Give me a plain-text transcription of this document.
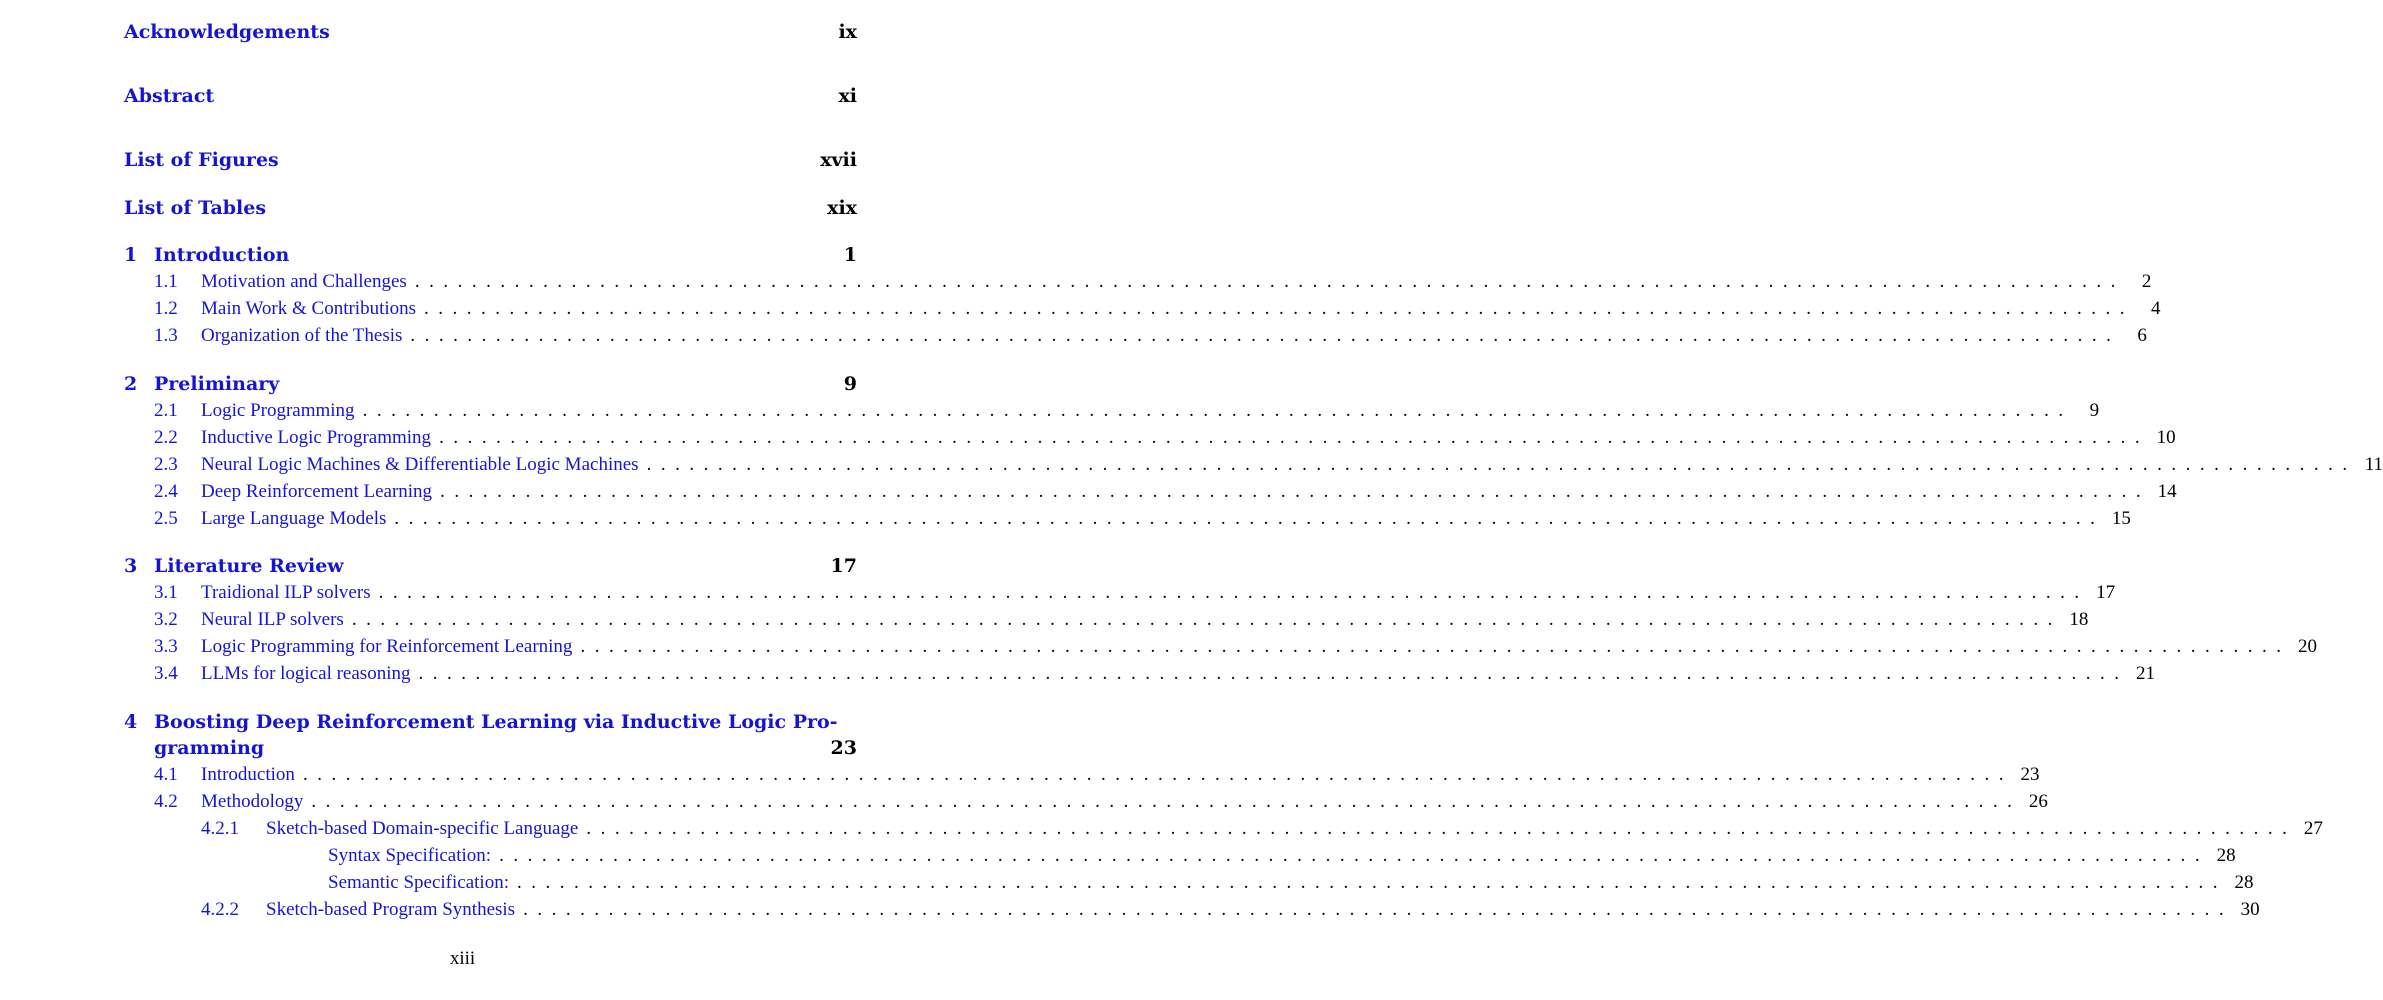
Acknowledgements	ix
Abstract	xi
List of Figures	xvii
List of Tables	xix
1 Introduction	1
1.1 Motivation and Challenges . . . . . . . . . . . . . . . . . . . . . . . . . . . . . . . . . . . . . . . . . . . . . . . . . . . . . . . . . . . . . . . . . . . . . . . . . . . . . . . . . . . . . . . . . . . . . . . . . . . . . . . . . . . . . . . . . . . . . . . .	2
1.2 Main Work & Contributions . . . . . . . . . . . . . . . . . . . . . . . . . . . . . . . . . . . . . . . . . . . . . . . . . . . . . . . . . . . . . . . . . . . . . . . . . . . . . . . . . . . . . . . . . . . . . . . . . . . . . . . . . . . . . . . . . . . . . . . .	4
1.3 Organization of the Thesis . . . . . . . . . . . . . . . . . . . . . . . . . . . . . . . . . . . . . . . . . . . . . . . . . . . . . . . . . . . . . . . . . . . . . . . . . . . . . . . . . . . . . . . . . . . . . . . . . . . . . . . . . . . . . . . . . . . . . . . .	6
2 Preliminary	9
2.1 Logic Programming . . . . . . . . . . . . . . . . . . . . . . . . . . . . . . . . . . . . . . . . . . . . . . . . . . . . . . . . . . . . . . . . . . . . . . . . . . . . . . . . . . . . . . . . . . . . . . . . . . . . . . . . . . . . . . . . . . . . . . . .	9
2.2 Inductive Logic Programming . . . . . . . . . . . . . . . . . . . . . . . . . . . . . . . . . . . . . . . . . . . . . . . . . . . . . . . . . . . . . . . . . . . . . . . . . . . . . . . . . . . . . . . . . . . . . . . . . . . . . . . . . . . . . . . . . . . . . . . . 10
2.3 Neural Logic Machines & Differentiable Logic Machines . . . . . . . . . . . . . . . . . . . . . . . . . . . . . . . . . . . . . . . . . . . . . . . . . . . . . . . . . . . . . . . . . . . . . . . . . . . . . . . . . . . . . . . . . . . . . . . . . . . . . . . . . . . . . . . . . . . . . . . . 11
2.4 Deep Reinforcement Learning . . . . . . . . . . . . . . . . . . . . . . . . . . . . . . . . . . . . . . . . . . . . . . . . . . . . . . . . . . . . . . . . . . . . . . . . . . . . . . . . . . . . . . . . . . . . . . . . . . . . . . . . . . . . . . . . . . . . . . . . 14
2.5 Large Language Models . . . . . . . . . . . . . . . . . . . . . . . . . . . . . . . . . . . . . . . . . . . . . . . . . . . . . . . . . . . . . . . . . . . . . . . . . . . . . . . . . . . . . . . . . . . . . . . . . . . . . . . . . . . . . . . . . . . . . . . . 15
3 Literature Review	17
3.1 Traidional ILP solvers . . . . . . . . . . . . . . . . . . . . . . . . . . . . . . . . . . . . . . . . . . . . . . . . . . . . . . . . . . . . . . . . . . . . . . . . . . . . . . . . . . . . . . . . . . . . . . . . . . . . . . . . . . . . . . . . . . . . . . . . 17
3.2 Neural ILP solvers . . . . . . . . . . . . . . . . . . . . . . . . . . . . . . . . . . . . . . . . . . . . . . . . . . . . . . . . . . . . . . . . . . . . . . . . . . . . . . . . . . . . . . . . . . . . . . . . . . . . . . . . . . . . . . . . . . . . . . . . 18
3.3 Logic Programming for Reinforcement Learning . . . . . . . . . . . . . . . . . . . . . . . . . . . . . . . . . . . . . . . . . . . . . . . . . . . . . . . . . . . . . . . . . . . . . . . . . . . . . . . . . . . . . . . . . . . . . . . . . . . . . . . . . . . . . . . . . . . . . . . . 20
3.4 LLMs for logical reasoning . . . . . . . . . . . . . . . . . . . . . . . . . . . . . . . . . . . . . . . . . . . . . . . . . . . . . . . . . . . . . . . . . . . . . . . . . . . . . . . . . . . . . . . . . . . . . . . . . . . . . . . . . . . . . . . . . . . . . . . . 21
4 Boosting Deep Reinforcement Learning via Inductive Logic Pro-
gramming	23
4.1 Introduction . . . . . . . . . . . . . . . . . . . . . . . . . . . . . . . . . . . . . . . . . . . . . . . . . . . . . . . . . . . . . . . . . . . . . . . . . . . . . . . . . . . . . . . . . . . . . . . . . . . . . . . . . . . . . . . . . . . . . . . . 23
4.2 Methodology . . . . . . . . . . . . . . . . . . . . . . . . . . . . . . . . . . . . . . . . . . . . . . . . . . . . . . . . . . . . . . . . . . . . . . . . . . . . . . . . . . . . . . . . . . . . . . . . . . . . . . . . . . . . . . . . . . . . . . . . 26
4.2.1 Sketch-based Domain-specific Language . . . . . . . . . . . . . . . . . . . . . . . . . . . . . . . . . . . . . . . . . . . . . . . . . . . . . . . . . . . . . . . . . . . . . . . . . . . . . . . . . . . . . . . . . . . . . . . . . . . . . . . . . . . . . . . . . . . . . . . . 27
Syntax Specification: . . . . . . . . . . . . . . . . . . . . . . . . . . . . . . . . . . . . . . . . . . . . . . . . . . . . . . . . . . . . . . . . . . . . . . . . . . . . . . . . . . . . . . . . . . . . . . . . . . . . . . . . . . . . . . . . . . . . . . . . 28
Semantic Specification: . . . . . . . . . . . . . . . . . . . . . . . . . . . . . . . . . . . . . . . . . . . . . . . . . . . . . . . . . . . . . . . . . . . . . . . . . . . . . . . . . . . . . . . . . . . . . . . . . . . . . . . . . . . . . . . . . . . . . . . . 28
4.2.2 Sketch-based Program Synthesis . . . . . . . . . . . . . . . . . . . . . . . . . . . . . . . . . . . . . . . . . . . . . . . . . . . . . . . . . . . . . . . . . . . . . . . . . . . . . . . . . . . . . . . . . . . . . . . . . . . . . . . . . . . . . . . . . . . . . . . . 30
xiii
